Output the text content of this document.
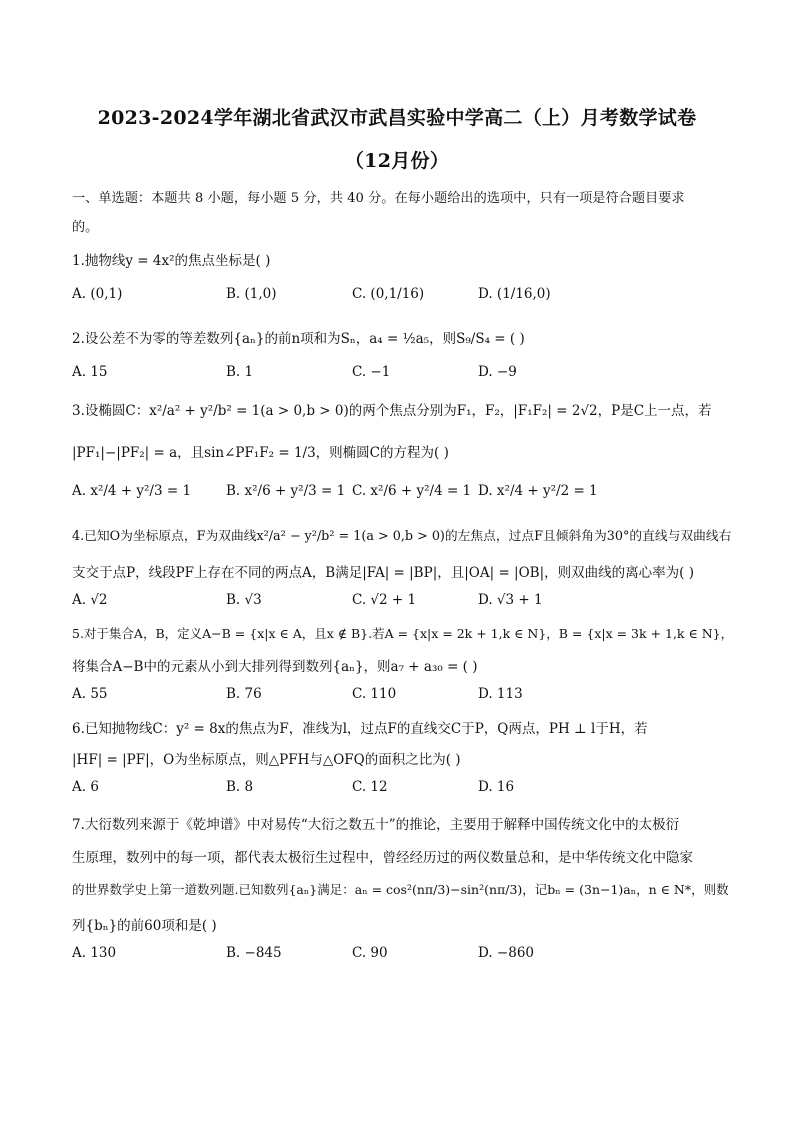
2023-2024学年湖北省武汉市武昌实验中学高二（上）月考数学试卷
（12月份）
一、单选题：本题共 8 小题，每小题 5 分，共 40 分。在每小题给出的选项中，只有一项是符合题目要求
的。
1.抛物线y = 4x²的焦点坐标是( )
A. (0,1)	B. (1,0)	C. (0,1/16)	D. (1/16,0)
2.设公差不为零的等差数列{aₙ}的前n项和为Sₙ，a₄ = ½a₅，则S₉/S₄ = ( )
A. 15	B. 1	C. −1	D. −9
3.设椭圆C：x²/a² + y²/b² = 1(a > 0,b > 0)的两个焦点分别为F₁，F₂，|F₁F₂| = 2√2，P是C上一点，若
|PF₁|−|PF₂| = a，且sin∠PF₁F₂ = 1/3，则椭圆C的方程为( )
A. x²/4 + y²/3 = 1	B. x²/6 + y²/3 = 1 C. x²/6 + y²/4 = 1 D. x²/4 + y²/2 = 1
4.已知O为坐标原点，F为双曲线x²/a² − y²/b² = 1(a > 0,b > 0)的左焦点，过点F且倾斜角为30°的直线与双曲线右
支交于点P，线段PF上存在不同的两点A，B满足|FA| = |BP|，且|OA| = |OB|，则双曲线的离心率为( )
A. √2	B. √3	C. √2 + 1	D. √3 + 1
5.对于集合A，B，定义A−B = {x|x ∈ A，且x ∉ B}.若A = {x|x = 2k + 1,k ∈ N}，B = {x|x = 3k + 1,k ∈ N}，
将集合A−B中的元素从小到大排列得到数列{aₙ}，则a₇ + a₃₀ = ( )
A. 55	B. 76	C. 110	D. 113
6.已知抛物线C：y² = 8x的焦点为F，准线为l，过点F的直线交C于P，Q两点，PH ⊥ l于H，若
|HF| = |PF|，O为坐标原点，则△PFH与△OFQ的面积之比为( )
A. 6	B. 8	C. 12	D. 16
7.大衍数列来源于《乾坤谱》中对易传“大衍之数五十”的推论，主要用于解释中国传统文化中的太极衍
生原理，数列中的每一项，都代表太极衍生过程中，曾经经历过的两仪数量总和，是中华传统文化中隐家
的世界数学史上第一道数列题.已知数列{aₙ}满足：aₙ = cos²(nπ/3)−sin²(nπ/3)，记bₙ = (3n−1)aₙ，n ∈ N*，则数
列{bₙ}的前60项和是( )
A. 130	B. −845	C. 90	D. −860
